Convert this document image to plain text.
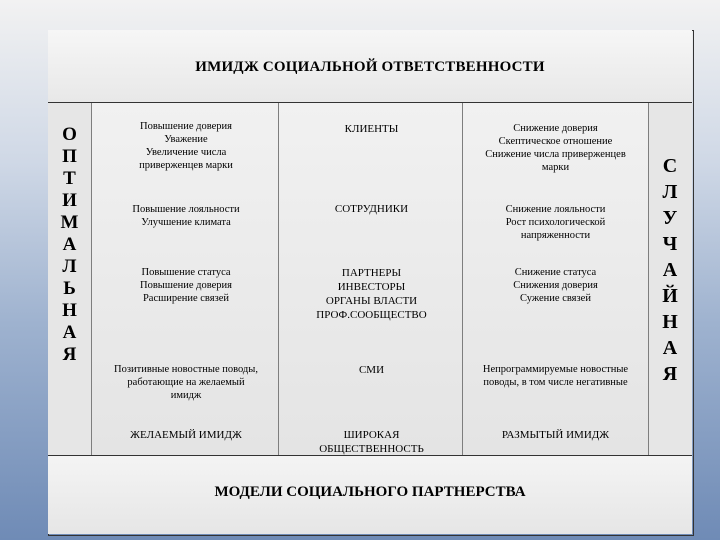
ИМИДЖ СОЦИАЛЬНОЙ ОТВЕТСТВЕННОСТИ
О
П
Т
И
М
А
Л
Ь
Н
А
Я
Повышение доверия
Уважение
Увеличение числа
приверженцев марки
Повышение лояльности
Улучшение климата
Повышение статуса
Повышение доверия
Расширение связей
Позитивные новостные поводы,
работающие на желаемый
имидж
ЖЕЛАЕМЫЙ ИМИДЖ
КЛИЕНТЫ
СОТРУДНИКИ
ПАРТНЕРЫ
ИНВЕСТОРЫ
ОРГАНЫ ВЛАСТИ
ПРОФ.СООБЩЕСТВО
СМИ
ШИРОКАЯ
ОБЩЕСТВЕННОСТЬ
Снижение доверия
Скептическое отношение
Снижение числа приверженцев
марки
Снижение лояльности
Рост психологической
напряженности
Снижение статуса
Снижения доверия
Сужение связей
Непрограммируемые новостные
поводы, в том числе негативные
РАЗМЫТЫЙ ИМИДЖ
С
Л
У
Ч
А
Й
Н
А
Я
МОДЕЛИ СОЦИАЛЬНОГО ПАРТНЕРСТВА
